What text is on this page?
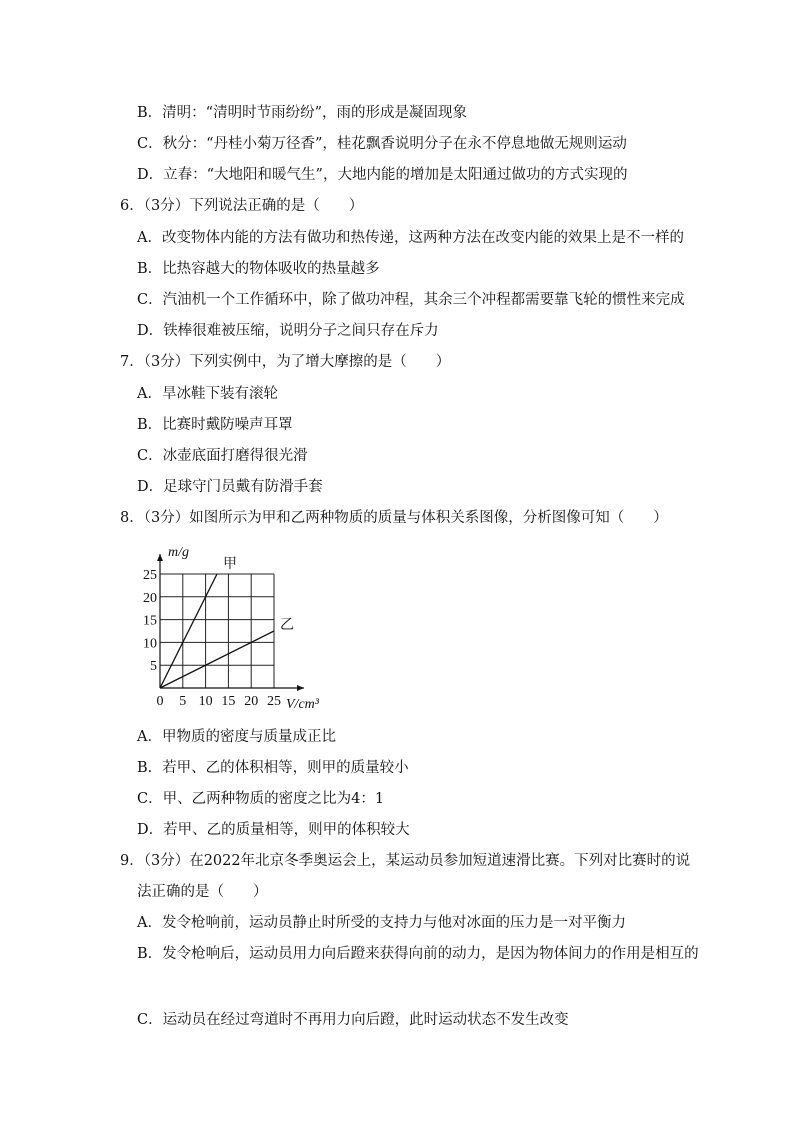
B．清明：“清明时节雨纷纷”，雨的形成是凝固现象
C．秋分：“丹桂小菊万径香”，桂花飘香说明分子在永不停息地做无规则运动
D．立春：“大地阳和暖气生”，大地内能的增加是太阳通过做功的方式实现的
6．（3分）下列说法正确的是（　　）
A．改变物体内能的方法有做功和热传递，这两种方法在改变内能的效果上是不一样的
B．比热容越大的物体吸收的热量越多
C．汽油机一个工作循环中，除了做功冲程，其余三个冲程都需要靠飞轮的惯性来完成
D．铁棒很难被压缩，说明分子之间只存在斥力
7．（3分）下列实例中，为了增大摩擦的是（　　）
A．旱冰鞋下装有滚轮
B．比赛时戴防噪声耳罩
C．冰壶底面打磨得很光滑
D．足球守门员戴有防滑手套
8．（3分）如图所示为甲和乙两种物质的质量与体积关系图像，分析图像可知（　　）
0 5 10 15 20 25
5
10
15
20
25
m/g
V/cm³
甲
乙
A．甲物质的密度与质量成正比
B．若甲、乙的体积相等，则甲的质量较小
C．甲、乙两种物质的密度之比为4：1
D．若甲、乙的质量相等，则甲的体积较大
9．（3分）在2022年北京冬季奥运会上，某运动员参加短道速滑比赛。下列对比赛时的说
法正确的是（　　）
A．发令枪响前，运动员静止时所受的支持力与他对冰面的压力是一对平衡力
B．发令枪响后，运动员用力向后蹬来获得向前的动力，是因为物体间力的作用是相互的
C．运动员在经过弯道时不再用力向后蹬，此时运动状态不发生改变
